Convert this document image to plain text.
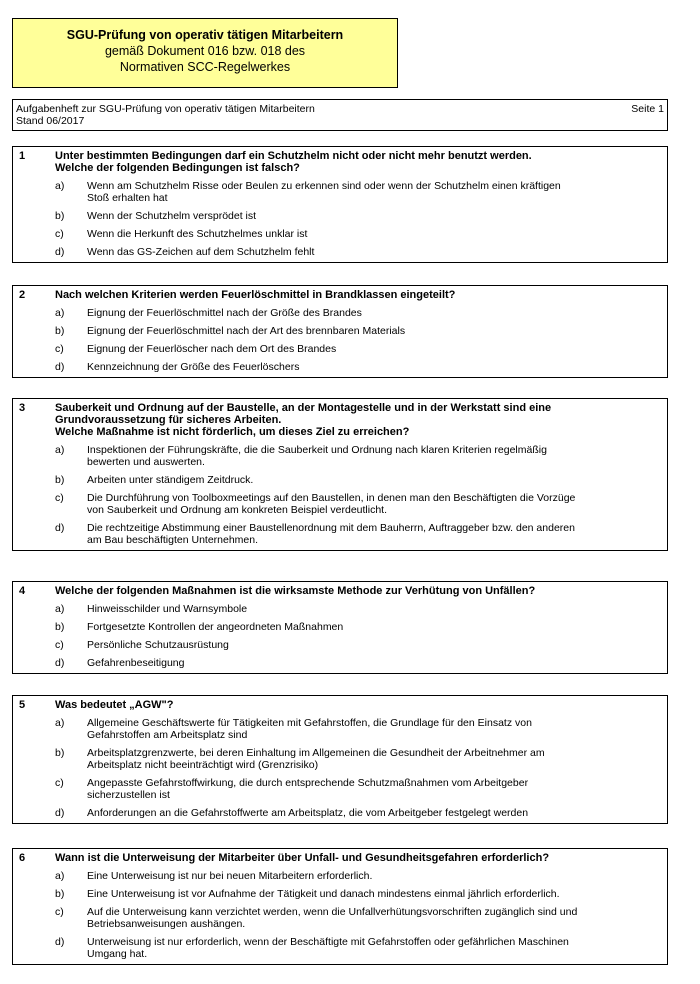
SGU-Prüfung von operativ tätigen Mitarbeitern
gemäß Dokument 016 bzw. 018 des
Normativen SCC-Regelwerkes
Aufgabenheft zur SGU-Prüfung von operativ tätigen Mitarbeitern
Stand 06/2017
Seite 1
1	Unter bestimmten Bedingungen darf ein Schutzhelm nicht oder nicht mehr benutzt werden.
Welche der folgenden Bedingungen ist falsch?
a) Wenn am Schutzhelm Risse oder Beulen zu erkennen sind oder wenn der Schutzhelm einen kräftigen
Stoß erhalten hat
b) Wenn der Schutzhelm versprödet ist
c) Wenn die Herkunft des Schutzhelmes unklar ist
d) Wenn das GS-Zeichen auf dem Schutzhelm fehlt
2	Nach welchen Kriterien werden Feuerlöschmittel in Brandklassen eingeteilt?
a) Eignung der Feuerlöschmittel nach der Größe des Brandes
b) Eignung der Feuerlöschmittel nach der Art des brennbaren Materials
c) Eignung der Feuerlöscher nach dem Ort des Brandes
d) Kennzeichnung der Größe des Feuerlöschers
3	Sauberkeit und Ordnung auf der Baustelle, an der Montagestelle und in der Werkstatt sind eine
Grundvoraussetzung für sicheres Arbeiten.
Welche Maßnahme ist nicht förderlich, um dieses Ziel zu erreichen?
a) Inspektionen der Führungskräfte, die die Sauberkeit und Ordnung nach klaren Kriterien regelmäßig
bewerten und auswerten.
b) Arbeiten unter ständigem Zeitdruck.
c) Die Durchführung von Toolboxmeetings auf den Baustellen, in denen man den Beschäftigten die Vorzüge
von Sauberkeit und Ordnung am konkreten Beispiel verdeutlicht.
d) Die rechtzeitige Abstimmung einer Baustellenordnung mit dem Bauherrn, Auftraggeber bzw. den anderen
am Bau beschäftigten Unternehmen.
4	Welche der folgenden Maßnahmen ist die wirksamste Methode zur Verhütung von Unfällen?
a) Hinweisschilder und Warnsymbole
b) Fortgesetzte Kontrollen der angeordneten Maßnahmen
c) Persönliche Schutzausrüstung
d) Gefahrenbeseitigung
5	Was bedeutet „AGW"?
a) Allgemeine Geschäftswerte für Tätigkeiten mit Gefahrstoffen, die Grundlage für den Einsatz von
Gefahrstoffen am Arbeitsplatz sind
b) Arbeitsplatzgrenzwerte, bei deren Einhaltung im Allgemeinen die Gesundheit der Arbeitnehmer am
Arbeitsplatz nicht beeinträchtigt wird (Grenzrisiko)
c) Angepasste Gefahrstoffwirkung, die durch entsprechende Schutzmaßnahmen vom Arbeitgeber
sicherzustellen ist
d) Anforderungen an die Gefahrstoffwerte am Arbeitsplatz, die vom Arbeitgeber festgelegt werden
6	Wann ist die Unterweisung der Mitarbeiter über Unfall- und Gesundheitsgefahren erforderlich?
a) Eine Unterweisung ist nur bei neuen Mitarbeitern erforderlich.
b) Eine Unterweisung ist vor Aufnahme der Tätigkeit und danach mindestens einmal jährlich erforderlich.
c) Auf die Unterweisung kann verzichtet werden, wenn die Unfallverhütungsvorschriften zugänglich sind und
Betriebsanweisungen aushängen.
d) Unterweisung ist nur erforderlich, wenn der Beschäftigte mit Gefahrstoffen oder gefährlichen Maschinen
Umgang hat.
